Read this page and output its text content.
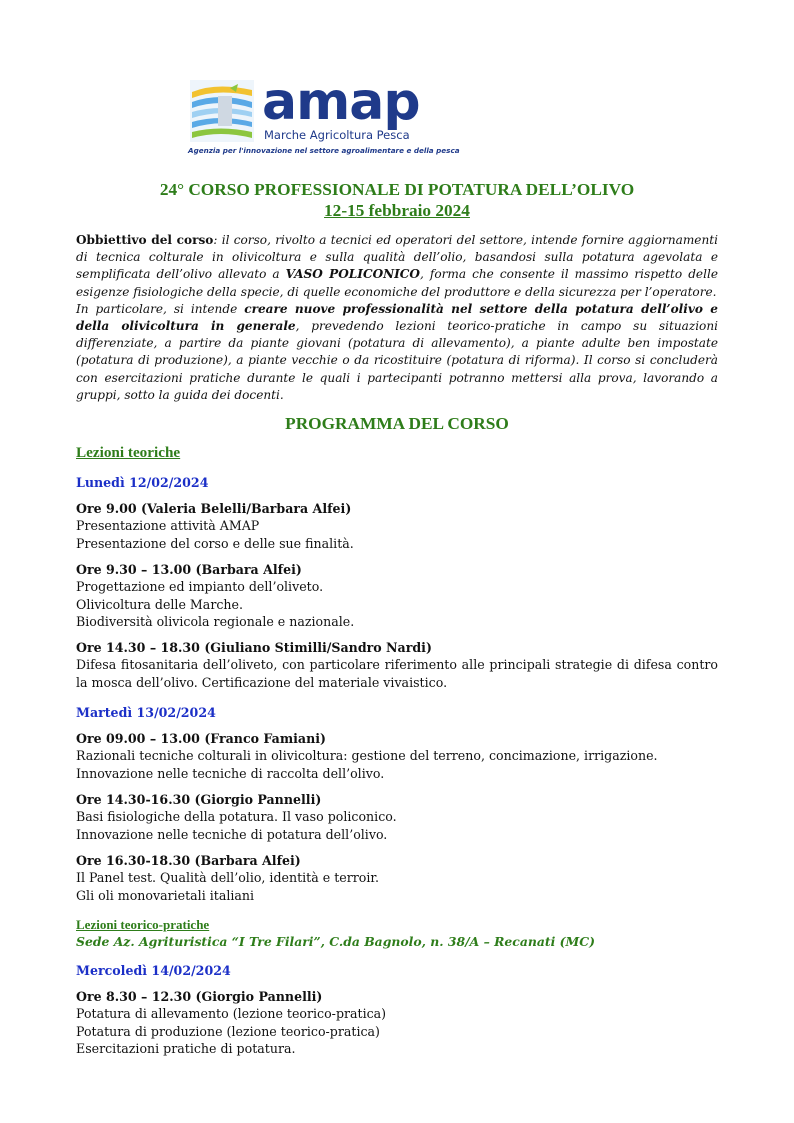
amap
Marche Agricoltura Pesca
Agenzia per l'innovazione nel settore agroalimentare e della pesca
24° CORSO PROFESSIONALE DI POTATURA DELL’OLIVO
12-15 febbraio 2024

Obbiettivo del corso: il corso, rivolto a tecnici ed operatori del settore, intende fornire aggiornamenti di tecnica colturale in olivicoltura e sulla qualità dell’olio, basandosi sulla potatura agevolata e semplificata dell’olivo allevato a VASO POLICONICO, forma che consente il massimo rispetto delle esigenze fisiologiche della specie, di quelle economiche del produttore e della sicurezza per l’operatore.

In particolare, si intende creare nuove professionalità nel settore della potatura dell’olivo e della olivicoltura in generale, prevedendo lezioni teorico-pratiche in campo su situazioni differenziate, a partire da piante giovani (potatura di allevamento), a piante adulte ben impostate (potatura di produzione), a piante vecchie o da ricostituire (potatura di riforma). Il corso si concluderà con esercitazioni pratiche durante le quali i partecipanti potranno mettersi alla prova, lavorando a gruppi, sotto la guida dei docenti.

PROGRAMMA DEL CORSO
Lezioni teoriche
Lunedì 12/02/2024
Ore 9.00 (Valeria Belelli/Barbara Alfei)
Presentazione attività AMAP
Presentazione del corso e delle sue finalità.
Ore 9.30 – 13.00 (Barbara Alfei)
Progettazione ed impianto dell’oliveto.
Olivicoltura delle Marche.
Biodiversità olivicola regionale e nazionale.
Ore 14.30 – 18.30 (Giuliano Stimilli/Sandro Nardi)
Difesa fitosanitaria dell’oliveto, con particolare riferimento alle principali strategie di difesa contro la mosca dell’olivo. Certificazione del materiale vivaistico.
Martedì 13/02/2024
Ore 09.00 – 13.00 (Franco Famiani)
Razionali tecniche colturali in olivicoltura: gestione del terreno, concimazione, irrigazione.
Innovazione nelle tecniche di raccolta dell’olivo.
Ore 14.30-16.30 (Giorgio Pannelli)
Basi fisiologiche della potatura. Il vaso policonico.
Innovazione nelle tecniche di potatura dell’olivo.
Ore 16.30-18.30 (Barbara Alfei)
Il Panel test. Qualità dell’olio, identità e terroir.
Gli oli monovarietali italiani
Lezioni teorico-pratiche
Sede Az. Agrituristica “I Tre Filari”, C.da Bagnolo, n. 38/A – Recanati (MC)
Mercoledì 14/02/2024
Ore 8.30 – 12.30 (Giorgio Pannelli)
Potatura di allevamento (lezione teorico-pratica)
Potatura di produzione (lezione teorico-pratica)
Esercitazioni pratiche di potatura.
